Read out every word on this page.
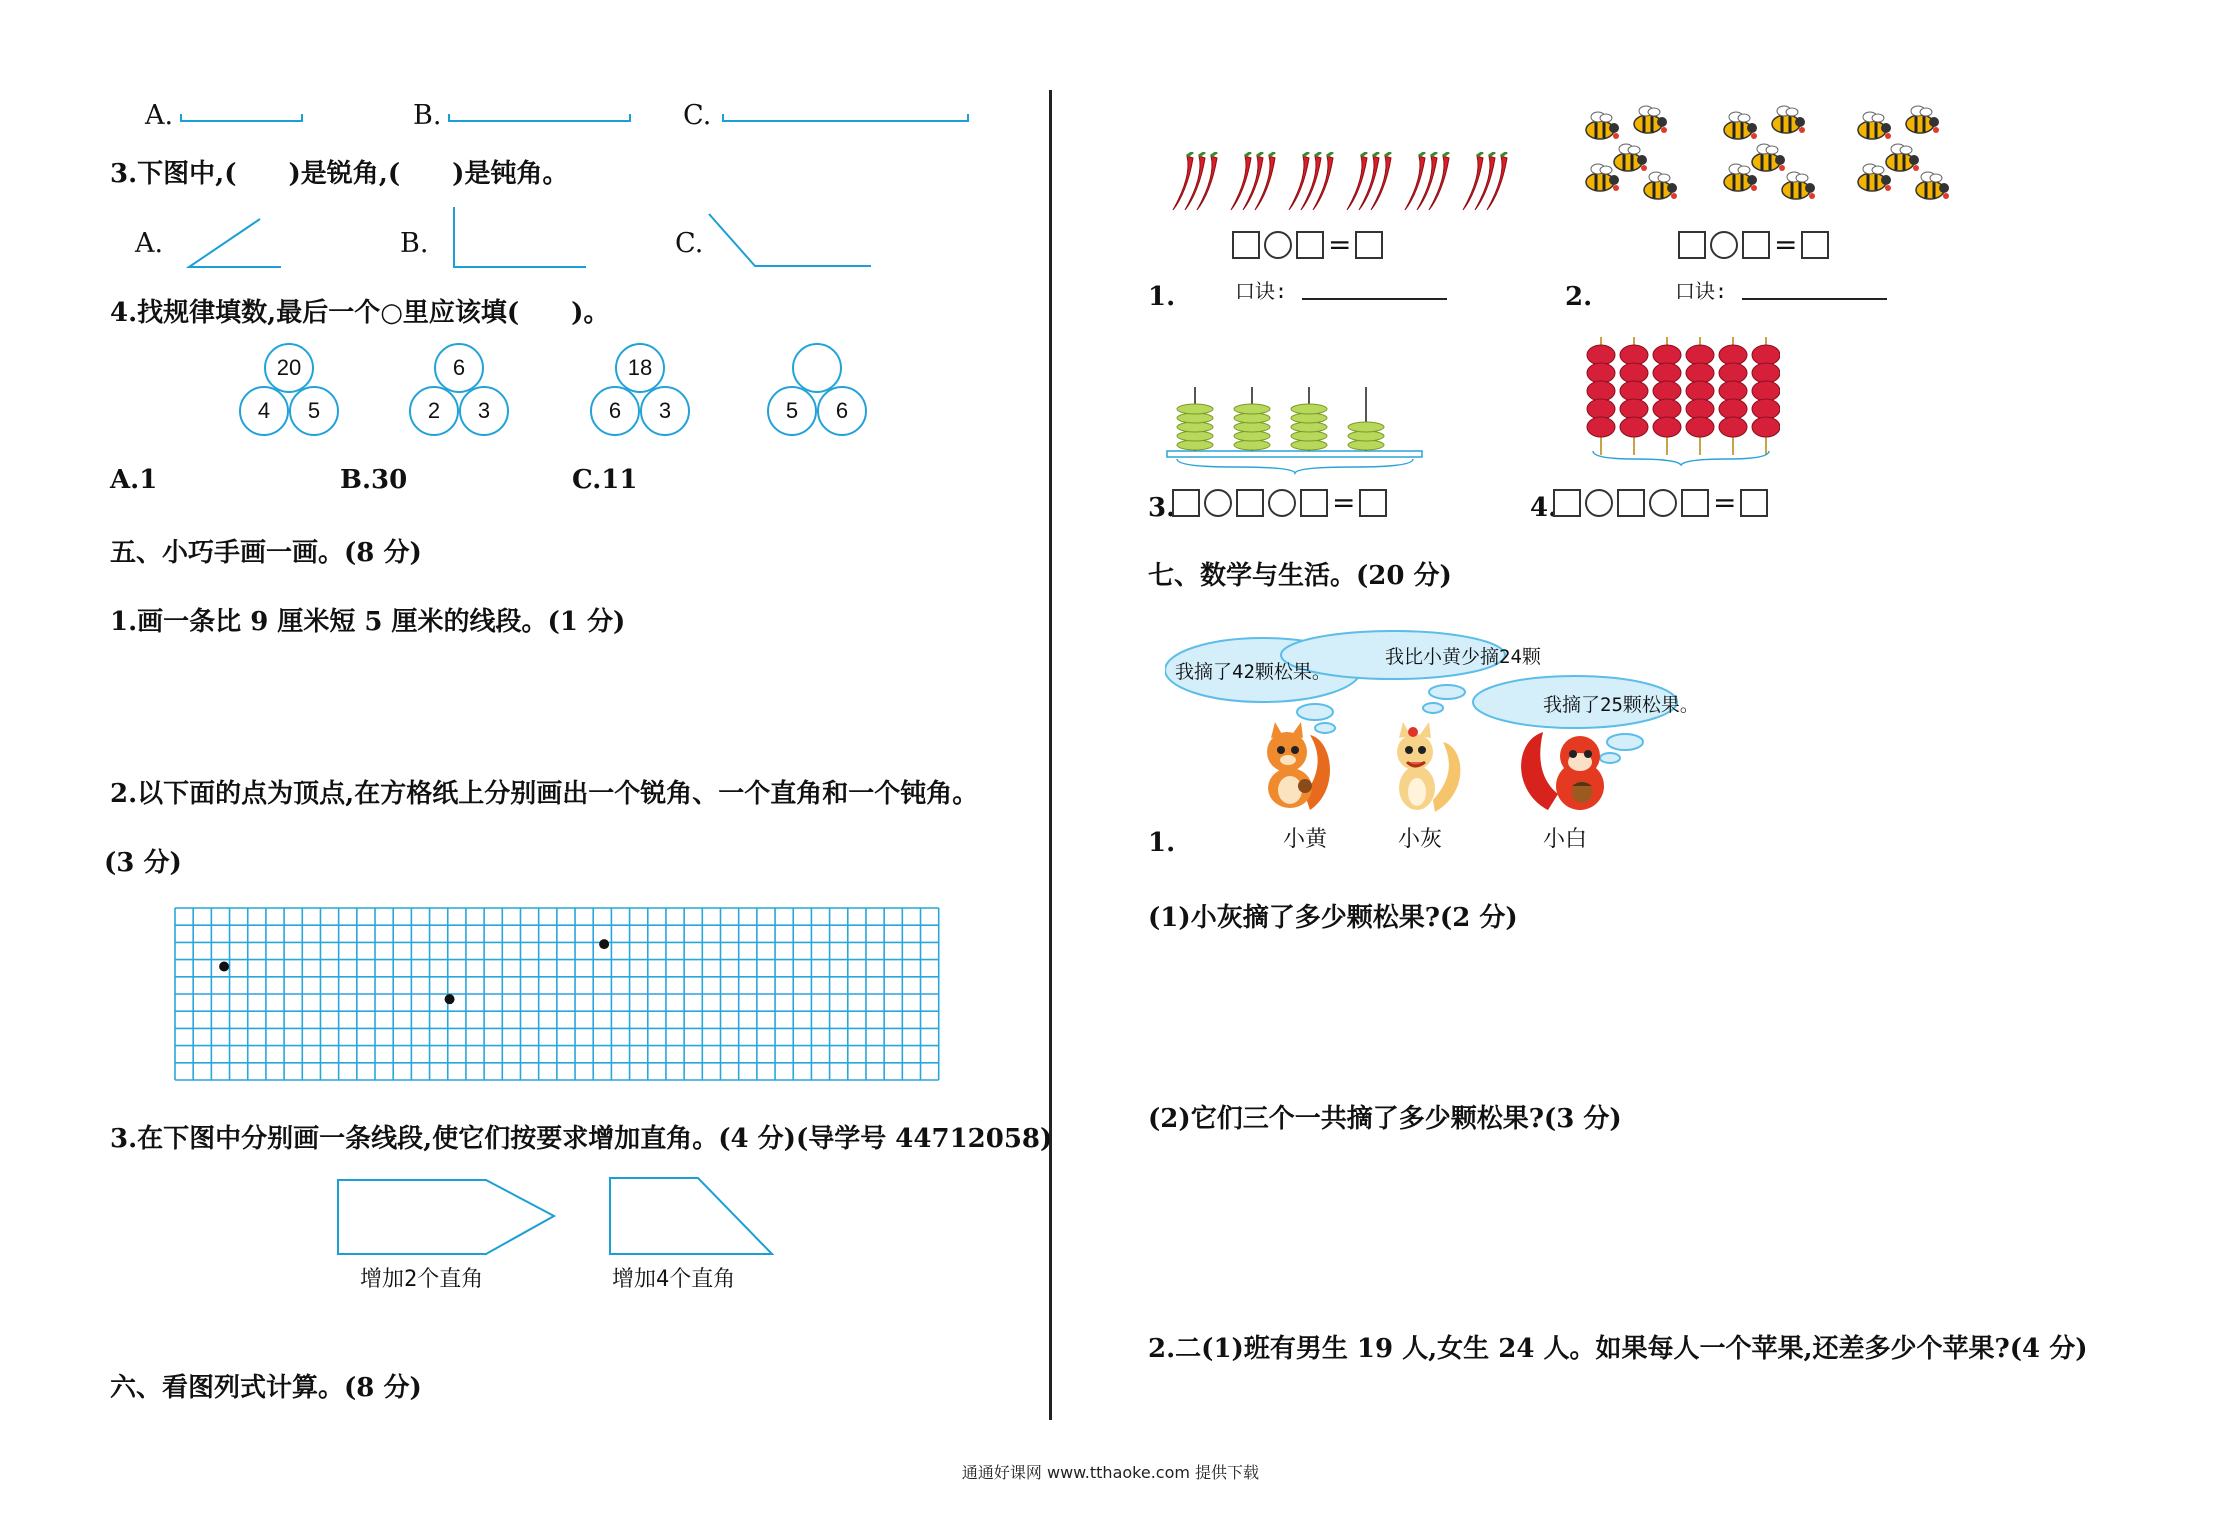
A.	B.	C.
3.下图中,(　　)是锐角,(　　)是钝角。
A.	B.	C.
4.找规律填数,最后一个○里应该填(　　)。
20
4	5
6
2	3
18
6	3	5	6
A.1	B.30	C.11
五、小巧手画一画。(8 分)
1.画一条比 9 厘米短 5 厘米的线段。(1 分)
2.以下面的点为顶点,在方格纸上分别画出一个锐角、一个直角和一个钝角。
(3 分)
3.在下图中分别画一条线段,使它们按要求增加直角。(4 分)(导学号 44712058)
增加2个直角	增加4个直角
六、看图列式计算。(8 分)
=
1.	口诀:
=
2.	口诀:
3.	=	4.	=
七、数学与生活。(20 分)
我摘了42颗松果。
我比小黄少摘24颗
我摘了25颗松果。
小黄	小灰	小白
1.
(1)小灰摘了多少颗松果?(2 分)
(2)它们三个一共摘了多少颗松果?(3 分)
2.二(1)班有男生 19 人,女生 24 人。如果每人一个苹果,还差多少个苹果?(4 分)
通通好课网 www.tthaoke.com 提供下载
